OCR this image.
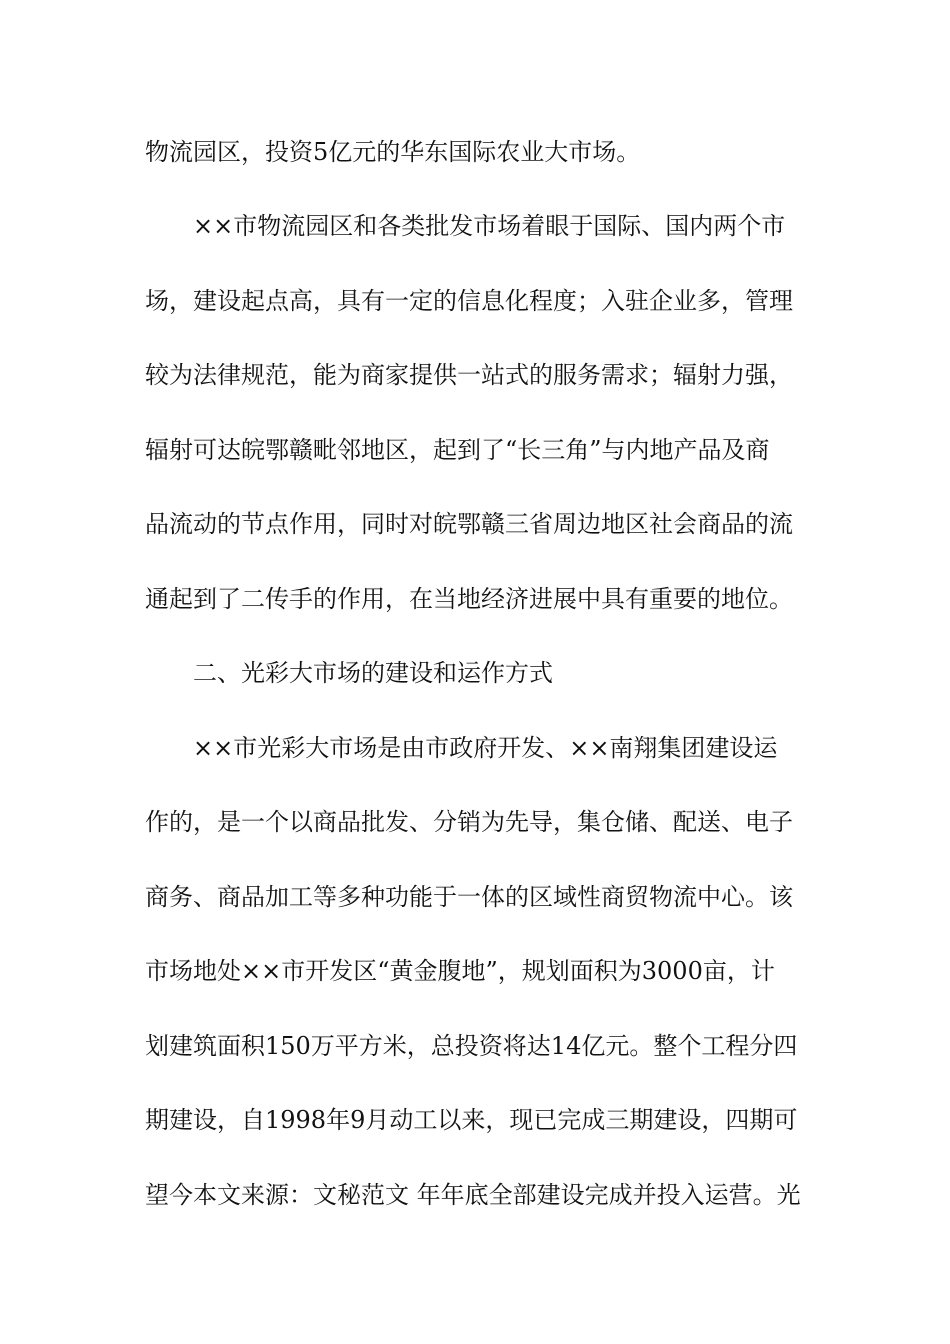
物流园区，投资5亿元的华东国际农业大市场。
××市物流园区和各类批发市场着眼于国际、国内两个市
场，建设起点高，具有一定的信息化程度；入驻企业多，管理
较为法律规范，能为商家提供一站式的服务需求；辐射力强，
辐射可达皖鄂赣毗邻地区，起到了“长三角”与内地产品及商
品流动的节点作用，同时对皖鄂赣三省周边地区社会商品的流
通起到了二传手的作用，在当地经济进展中具有重要的地位。
二、光彩大市场的建设和运作方式
××市光彩大市场是由市政府开发、××南翔集团建设运
作的，是一个以商品批发、分销为先导，集仓储、配送、电子
商务、商品加工等多种功能于一体的区域性商贸物流中心。该
市场地处××市开发区“黄金腹地”，规划面积为3000亩，计
划建筑面积150万平方米，总投资将达14亿元。整个工程分四
期建设，自1998年9月动工以来，现已完成三期建设，四期可
望今本文来源：文秘范文 年年底全部建设完成并投入运营。光
